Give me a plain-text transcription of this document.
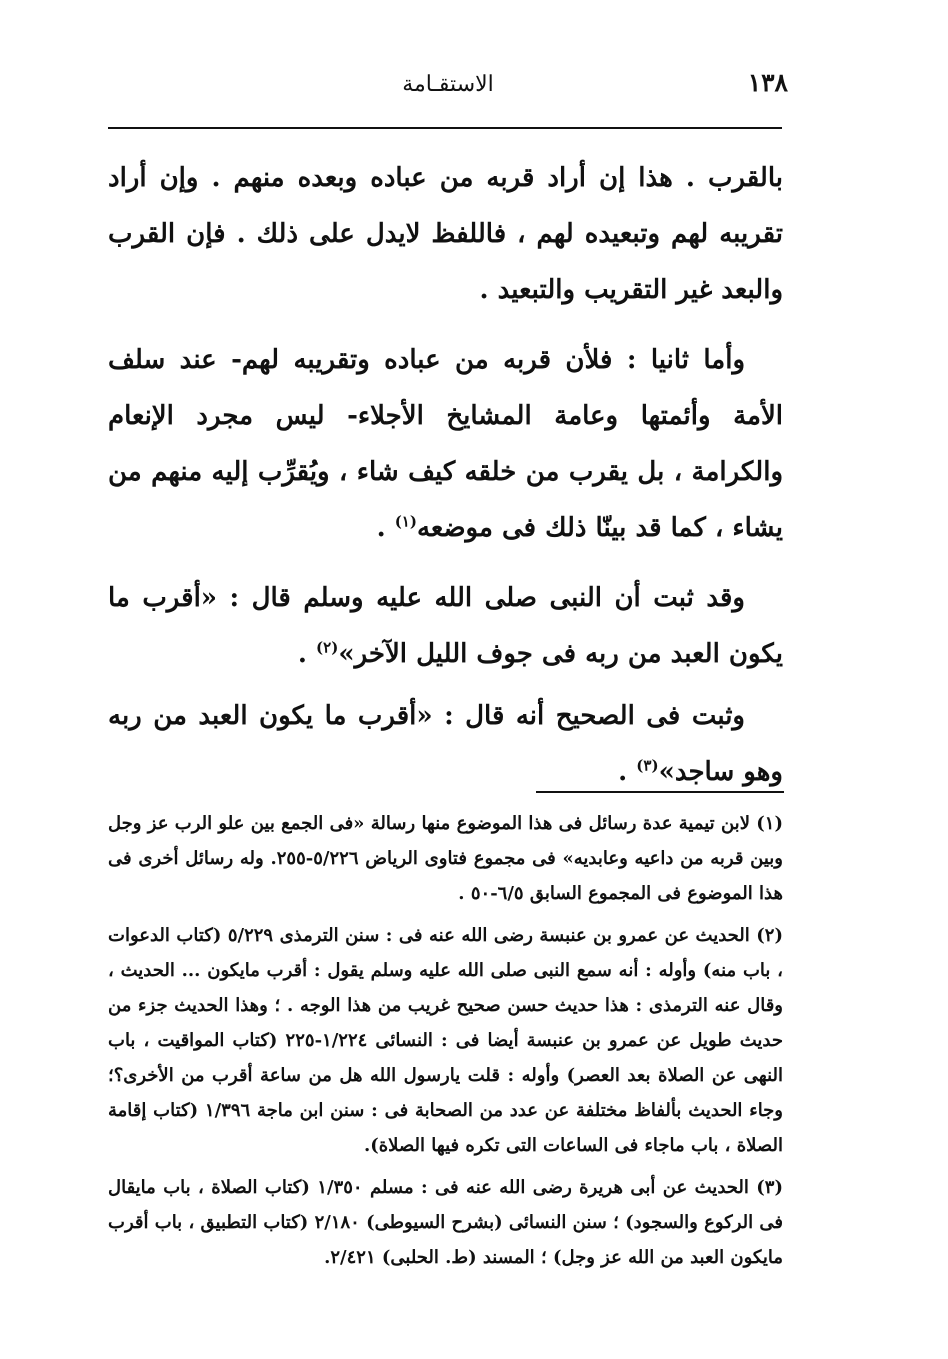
١٣٨
الاستقـامة

بالقرب . هذا إن أراد قربه من عباده وبعده منهم . وإن أراد تقريبه لهم وتبعيده لهم ، فاللفظ لايدل على ذلك . فإن القرب والبعد غير التقريب والتبعيد .

وأما ثانيا : فلأن قربه من عباده وتقريبه لهم- عند سلف الأمة وأئمتها وعامة المشايخ الأجلاء- ليس مجرد الإنعام والكرامة ، بل يقرب من خلقه كيف شاء ، ويُقرِّب إليه منهم من يشاء ، كما قد بينّا ذلك فى موضعه$^{(١)}$ .

وقد ثبت أن النبى صلى الله عليه وسلم قال : «أقرب ما يكون العبد من ربه فى جوف الليل الآخر»$^{(٢)}$ .

وثبت فى الصحيح أنه قال : «أقرب ما يكون العبد من ربه وهو ساجد»$^{(٣)}$ .

(١) لابن تيمية عدة رسائل فى هذا الموضوع منها رسالة «فى الجمع بين علو الرب عز وجل وبين قربه من داعيه وعابديه» فى مجموع فتاوى الرياض ٥/٢٢٦-٢٥٥. وله رسائل أخرى فى هذا الموضوع فى المجموع السابق ٦/٥-٥٠ .

(٢) الحديث عن عمرو بن عنبسة رضى الله عنه فى : سنن الترمذى ٥/٢٢٩ (كتاب الدعوات ، باب منه) وأوله : أنه سمع النبى صلى الله عليه وسلم يقول : أقرب مايكون ... الحديث ، وقال عنه الترمذى : هذا حديث حسن صحيح غريب من هذا الوجه . ؛ وهذا الحديث جزء من حديث طويل عن عمرو بن عنبسة أيضا فى : النسائى ١/٢٢٤-٢٢٥ (كتاب المواقيت ، باب النهى عن الصلاة بعد العصر) وأوله : قلت يارسول الله هل من ساعة أقرب من الأخرى؟؛ وجاء الحديث بألفاظ مختلفة عن عدد من الصحابة فى : سنن ابن ماجة ١/٣٩٦ (كتاب إقامة الصلاة ، باب ماجاء فى الساعات التى تكره فيها الصلاة).

(٣) الحديث عن أبى هريرة رضى الله عنه فى : مسلم ١/٣٥٠ (كتاب الصلاة ، باب مايقال فى الركوع والسجود) ؛ سنن النسائى (بشرح السيوطى) ٢/١٨٠ (كتاب التطبيق ، باب أقرب مايكون العبد من الله عز وجل) ؛ المسند (ط. الحلبى) ٢/٤٢١.
